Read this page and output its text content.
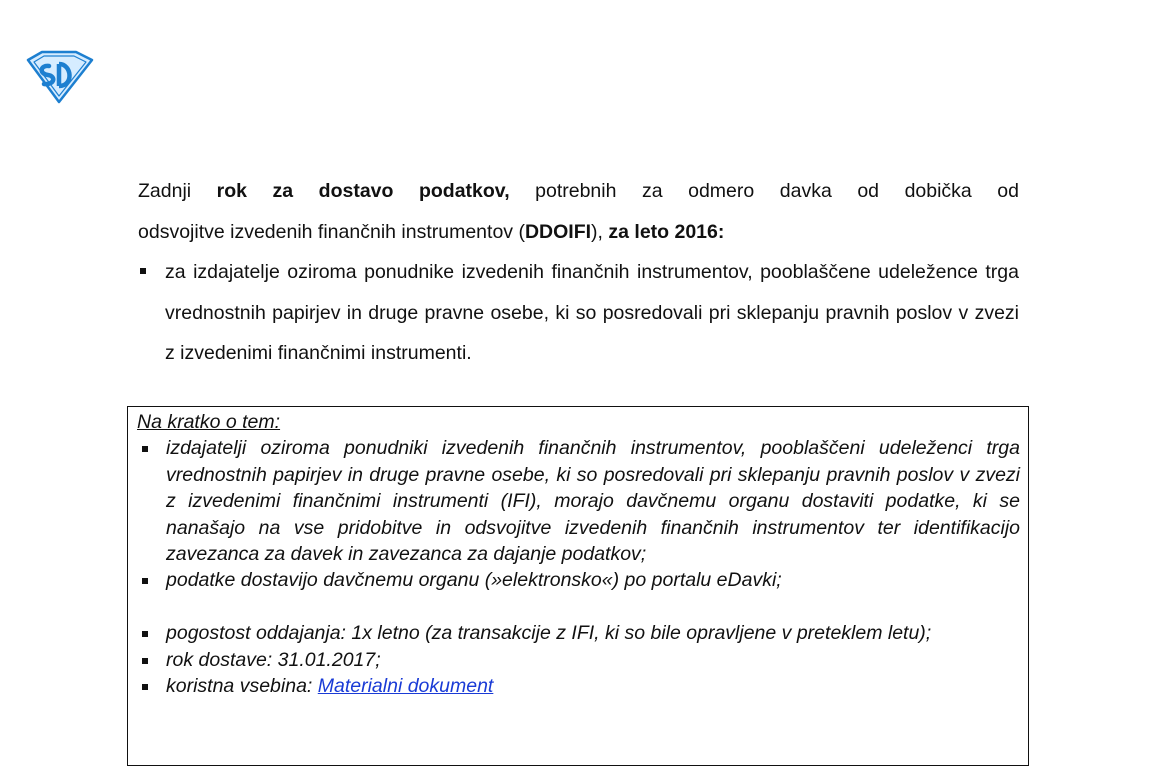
Zadnji rok za dostavo podatkov, potrebnih za odmero davka od dobička od
odsvojitve izvedenih finančnih instrumentov (DDOIFI), za leto 2016:

za izdajatelje oziroma ponudnike izvedenih finančnih instrumentov, pooblaščene udeležence trga vrednostnih papirjev in druge pravne osebe, ki so posredovali pri sklepanju pravnih poslov v zvezi z izvedenimi finančnimi instrumenti.
Na kratko o tem:
izdajatelji oziroma ponudniki izvedenih finančnih instrumentov, pooblaščeni udeleženci trga vrednostnih papirjev in druge pravne osebe, ki so posredovali pri sklepanju pravnih poslov v zvezi z izvedenimi finančnimi instrumenti (IFI), morajo davčnemu organu dostaviti podatke, ki se nanašajo na vse pridobitve in odsvojitve izvedenih finančnih instrumentov ter identifikacijo zavezanca za davek in zavezanca za dajanje podatkov;
podatke dostavijo davčnemu organu (»elektronsko«) po portalu eDavki;
pogostost oddajanja: 1x letno (za transakcije z IFI, ki so bile opravljene v preteklem letu);
rok dostave: 31.01.2017;
koristna vsebina: Materialni dokument
